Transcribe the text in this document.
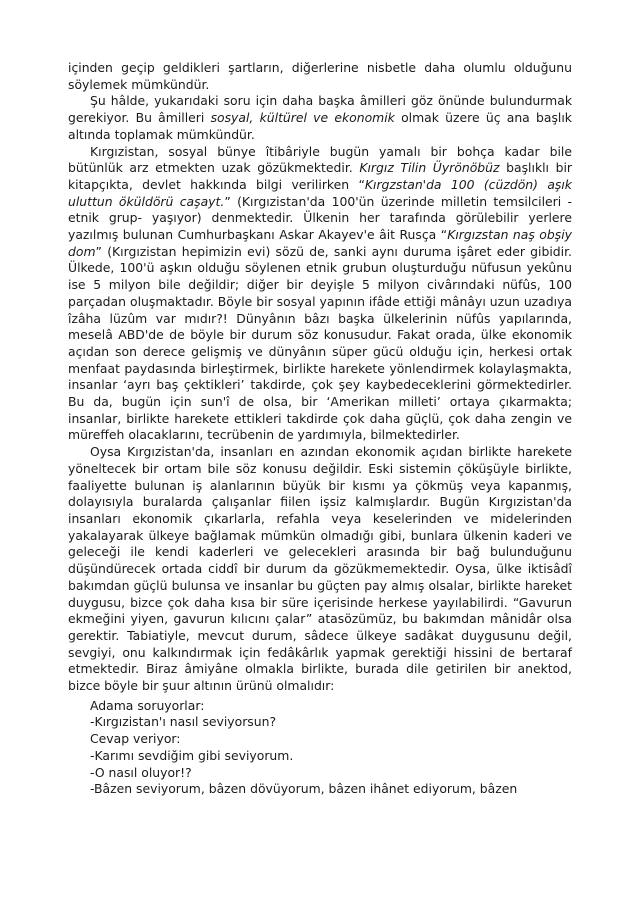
içinden geçip geldikleri şartların, diğerlerine nisbetle daha olumlu olduğunu söylemek mümkündür.

Şu hâlde, yukarıdaki soru için daha başka âmilleri göz önünde bulundurmak gerekiyor. Bu âmilleri sosyal, kültürel ve ekonomik olmak üzere üç ana başlık altında toplamak mümkündür.

Kırgızistan, sosyal bünye îtibâriyle bugün yamalı bir bohça kadar bile bütünlük arz etmekten uzak gözükmektedir. Kırgız Tilin Üyrönöbüz başlıklı bir kitapçıkta, devlet hakkında bilgi verilirken “Kırgzstan'da 100 (cüzdön) aşık uluttun öküldörü caşayt.” (Kırgızistan'da 100'ün üzerinde milletin temsilcileri -etnik grup- yaşıyor) denmektedir. Ülkenin her tarafında görülebilir yerlere yazılmış bulunan Cumhurbaşkanı Askar Akayev'e âit Rusça “Kırgızstan naş obşiy dom” (Kırgızistan hepimizin evi) sözü de, sanki aynı duruma işâret eder gibidir. Ülkede, 100'ü aşkın olduğu söylenen etnik grubun oluşturduğu nüfusun yekûnu ise 5 milyon bile değildir; diğer bir deyişle 5 milyon civârındaki nüfûs, 100 parçadan oluşmaktadır. Böyle bir sosyal yapının ifâde ettiği mânâyı uzun uzadıya îzâha lüzûm var mıdır?! Dünyânın bâzı başka ülkelerinin nüfûs yapılarında, meselâ ABD'de de böyle bir durum söz konusudur. Fakat orada, ülke ekonomik açıdan son derece gelişmiş ve dünyânın süper gücü olduğu için, herkesi ortak menfaat paydasında birleştirmek, birlikte harekete yönlendirmek kolaylaşmakta, insanlar ‘ayrı baş çektikleri’ takdirde, çok şey kaybedeceklerini görmektedirler. Bu da, bugün için sun'î de olsa, bir ‘Amerikan milleti’ ortaya çıkarmakta; insanlar, birlikte harekete ettikleri takdirde çok daha güçlü, çok daha zengin ve müreffeh olacaklarını, tecrübenin de yardımıyla, bilmektedirler.

Oysa Kırgızistan'da, insanları en azından ekonomik açıdan birlikte harekete yöneltecek bir ortam bile söz konusu değildir. Eski sistemin çöküşüyle birlikte, faaliyette bulunan iş alanlarının büyük bir kısmı ya çökmüş veya kapanmış, dolayısıyla buralarda çalışanlar fiilen işsiz kalmışlardır. Bugün Kırgızistan'da insanları ekonomik çıkarlarla, refahla veya keselerinden ve midelerinden yakalayarak ülkeye bağlamak mümkün olmadığı gibi, bunlara ülkenin kaderi ve geleceği ile kendi kaderleri ve gelecekleri arasında bir bağ bulunduğunu düşündürecek ortada ciddî bir durum da gözükmemektedir. Oysa, ülke iktisâdî bakımdan güçlü bulunsa ve insanlar bu güçten pay almış olsalar, birlikte hareket duygusu, bizce çok daha kısa bir süre içerisinde herkese yayılabilirdi. “Gavurun ekmeğini yiyen, gavurun kılıcını çalar” atasözümüz, bu bakımdan mânidâr olsa gerektir. Tabiatiyle, mevcut durum, sâdece ülkeye sadâkat duygusunu değil, sevgiyi, onu kalkındırmak için fedâkârlık yapmak gerektiği hissini de bertaraf etmektedir. Biraz âmiyâne olmakla birlikte, burada dile getirilen bir anektod, bizce böyle bir şuur altının ürünü olmalıdır:

Adama soruyorlar:

-Kırgızistan'ı nasıl seviyorsun?

Cevap veriyor:

-Karımı sevdiğim gibi seviyorum.

-O nasıl oluyor!?

-Bâzen seviyorum, bâzen dövüyorum, bâzen ihânet ediyorum, bâzen
